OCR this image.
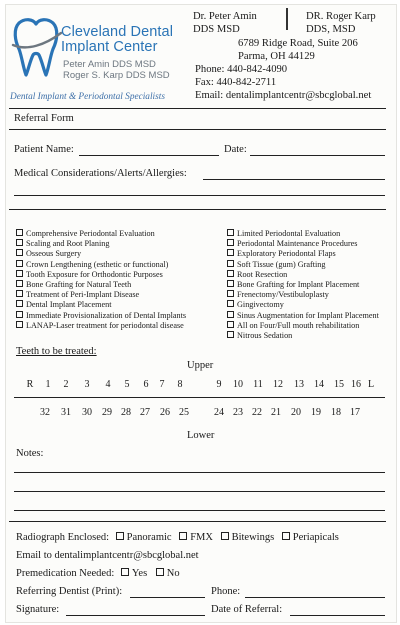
Cleveland Dental
Implant Center
Peter Amin DDS MSD
Roger S. Karp DDS MSD
Dental Implant & Periodontal Specialists
Dr. Peter Amin
DDS MSD
DR. Roger Karp
DDS, MSD
6789 Ridge Road, Suite 206
Parma, OH 44129
Phone: 440-842-4090
Fax: 440-842-2711
Email: dentalimplantcentr@sbcglobal.net
Referral Form
Patient Name:	Date:
Medical Considerations/Alerts/Allergies:
Comprehensive Periodontal Evaluation
Scaling and Root Planing
Osseous Surgery
Crown Lengthening (esthetic or functional)
Tooth Exposure for Orthodontic Purposes
Bone Grafting for Natural Teeth
Treatment of Peri-Implant Disease
Dental Implant Placement
Immediate Provisionalization of Dental Implants
LANAP-Laser treatment for periodontal disease
Limited Periodontal Evaluation
Periodontal Maintenance Procedures
Exploratory Periodontal Flaps
Soft Tissue (gum) Grafting
Root Resection
Bone Grafting for Implant Placement
Frenectomy/Vestibuloplasty
Gingivectomy
Sinus Augmentation for Implant Placement
All on Four/Full mouth rehabilitation
Nitrous Sedation
Teeth to be treated:
Upper
R	1	2	3	4	5	6	7	8	9	10	11	12	13	14	15 16 L
32	31	30	29 28 27	26 25	24 23 22 21	20	19	18 17
Lower
Notes:
Radiograph Enclosed: Panoramic FMX Bitewings Periapicals
Email to dentalimplantcentr@sbcglobal.net
Premedication Needed: Yes No
Referring Dentist (Print):	Phone:
Signature:	Date of Referral:
